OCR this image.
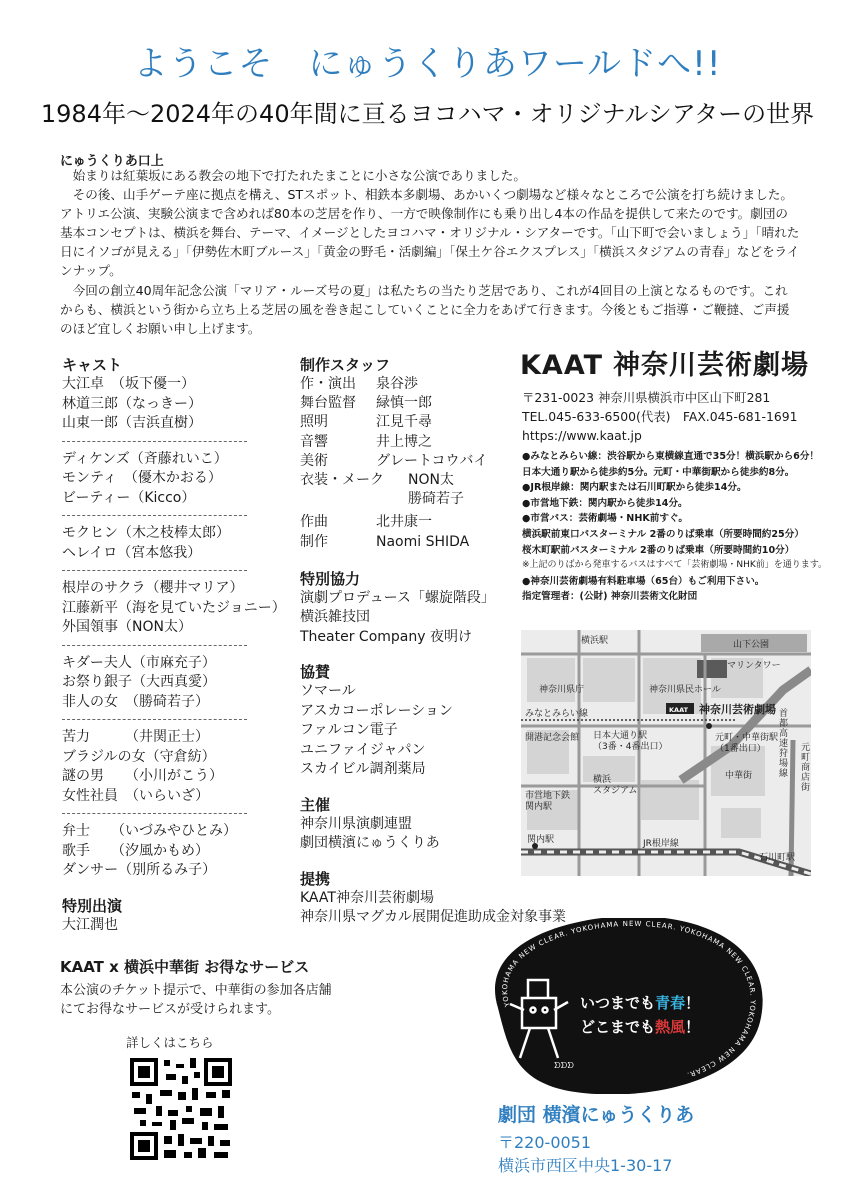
ようこそ　にゅうくりあワールドへ!!
1984年〜2024年の40年間に亘るヨコハマ・オリジナルシアターの世界
にゅうくりあ口上

始まりは紅葉坂にある教会の地下で打たれたまことに小さな公演でありました。

その後、山手ゲーテ座に拠点を構え、STスポット、相鉄本多劇場、あかいくつ劇場など様々なところで公演を打ち続けました。アトリエ公演、実験公演まで含めれば80本の芝居を作り、一方で映像制作にも乗り出し4本の作品を提供して来たのです。劇団の基本コンセプトは、横浜を舞台、テーマ、イメージとしたヨコハマ・オリジナル・シアターです。「山下町で会いましょう」「晴れた日にイソゴが見える」「伊勢佐木町ブルース」「黄金の野毛・活劇編」「保土ケ谷エクスプレス」「横浜スタジアムの青春」などをラインナップ。

今回の創立40周年記念公演「マリア・ルーズ号の夏」は私たちの当たり芝居であり、これが4回目の上演となるものです。これからも、横浜という街から立ち上る芝居の風を巻き起こしていくことに全力をあげて行きます。今後ともご指導・ご鞭撻、ご声援のほど宜しくお願い申し上げます。

キャスト
大江卓　（坂下優一）
林道三郎（なっきー）
山東一郎（吉浜直樹）
ディケンズ（斉藤れいこ）
モンティ　（優木かおる）
ビーティー（Kicco）
モクヒン（木之枝棒太郎）
ヘレイロ（宮本悠我）
根岸のサクラ（櫻井マリア）
江藤新平（海を見ていたジョニー）
外国領事（NON太）
キダー夫人（市麻充子）
お祭り銀子（大西真愛）
非人の女　（勝碕若子）
苦力　　　（井関正士）
ブラジルの女（守倉紡）
謎の男　　（小川がこう）
女性社員　（いらいざ）
弁士　　（いづみやひとみ）
歌手　　（汐風かもめ）
ダンサー（別所るみ子）
特別出演
大江潤也
制作スタッフ
作・演出	泉谷渉
舞台監督	緑慎一郎
照明	江見千尋
音響	井上博之
美術	グレートコウバイ
衣装・メーク	NON太
勝碕若子
作曲	北井康一
制作	Naomi SHIDA
特別協力
演劇プロデュース「螺旋階段」
横浜雑技団
Theater Company 夜明け
協賛
ソマール
アスカコーポレーション
ファルコン電子
ユニファイジャパン
スカイビル調剤薬局
主催
神奈川県演劇連盟
劇団横濱にゅうくりあ
提携
KAAT神奈川芸術劇場
神奈川県マグカル展開促進助成金対象事業
KAAT 神奈川芸術劇場
〒231-0023 神奈川県横浜市中区山下町281
TEL.045-633-6500(代表)　FAX.045-681-1691
https://www.kaat.jp
●みなとみらい線：渋谷駅から東横線直通で35分！横浜駅から6分！
日本大通り駅から徒歩約5分。元町・中華街駅から徒歩約8分。
●JR根岸線：関内駅または石川町駅から徒歩14分。
●市営地下鉄：関内駅から徒歩14分。
●市営バス：芸術劇場・NHK前すぐ。
横浜駅前東口バスターミナル 2番のりば乗車（所要時間約25分）
桜木町駅前バスターミナル 2番のりば乗車（所要時間約10分）
※上記のりばから発車するバスはすべて「芸術劇場・NHK前」を通ります。
●神奈川芸術劇場有料駐車場（65台）もご利用下さい。
指定管理者：(公財) 神奈川芸術文化財団
横浜駅	山下公園
マリンタワー
神奈川県庁	神奈川県民ホール
みなとみらい線	KAAT 神奈川芸術劇場
開港記念会館 日本大通り駅（3番・4番出口）
元町・中華街駅（1番出口）
中華街
横浜スタジアム
市営地下鉄関内駅
関内駅	JR根岸線
石川町駅
首都高速狩場線
元町商店街
KAAT x 横浜中華街 お得なサービス
本公演のチケット提示で、中華街の参加各店舗
にてお得なサービスが受けられます。
詳しくはこちら
YOKOHAMA NEW CLEAR. YOKOHAMA NEW CLEAR. YOKOHAMA NEW CLEAR. YOKOHAMA NEW CLEAR.
ᗤᗤᗤ
いつまでも青春！
どこまでも熱風！
劇団 横濱にゅうくりあ
〒220-0051
横浜市西区中央1-30-17
